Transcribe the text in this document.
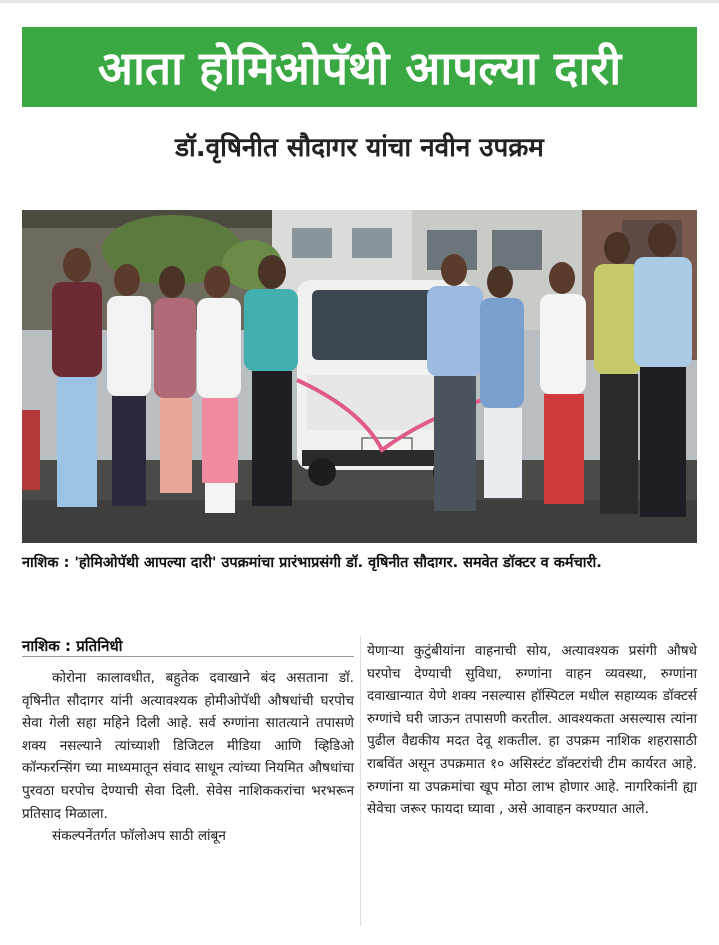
आता होमिओपॅथी आपल्या दारी
डॉ.वृषिनीत सौदागर यांचा नवीन उपक्रम
नाशिक : 'होमिओपॅथी आपल्या दारी' उपक्रमांचा प्रारंभाप्रसंगी डॉ. वृषिनीत सौदागर. समवेत डॉक्टर व कर्मचारी.
नाशिक : प्रतिनिधी

कोरोना कालावधीत, बहुतेक दवाखाने बंद असताना डॉ. वृषिनीत सौदागर यांनी अत्यावश्यक होमीओपॅथी औषधांची घरपोच सेवा गेली सहा महिने दिली आहे. सर्व रुग्णांना सातत्याने तपासणे शक्य नसल्याने त्यांच्याशी डिजिटल मीडिया आणि व्हिडिओ कॉन्फरन्सिंग च्या माध्यमातून संवाद साधून त्यांच्या नियमित औषधांचा पुरवठा घरपोच देण्याची सेवा दिली. सेवेस नाशिककरांचा भरभरून प्रतिसाद मिळाला.

संकल्पनेंतर्गत फॉलोअप साठी लांबून

येणाऱ्या कुटुंबीयांना वाहनाची सोय, अत्यावश्यक प्रसंगी औषधे घरपोच देण्याची सुविधा, रुग्णांना वाहन व्यवस्था, रुग्णांना दवाखान्यात येणे शक्य नसल्यास हॉस्पिटल मधील सहाय्यक डॉक्टर्स रुग्णांचे घरी जाऊन तपासणी करतील. आवश्यकता असल्यास त्यांना पुढील वैद्यकीय मदत देवू शकतील. हा उपक्रम नाशिक शहरासाठी राबविंत असून उपक्रमात १० असिस्टंट डॉक्टरांची टीम कार्यरत आहे. रुग्णांना या उपक्रमांचा खूप मोठा लाभ होणार आहे. नागरिकांनी ह्या सेवेचा जरूर फायदा घ्यावा , असे आवाहन करण्यात आले.
